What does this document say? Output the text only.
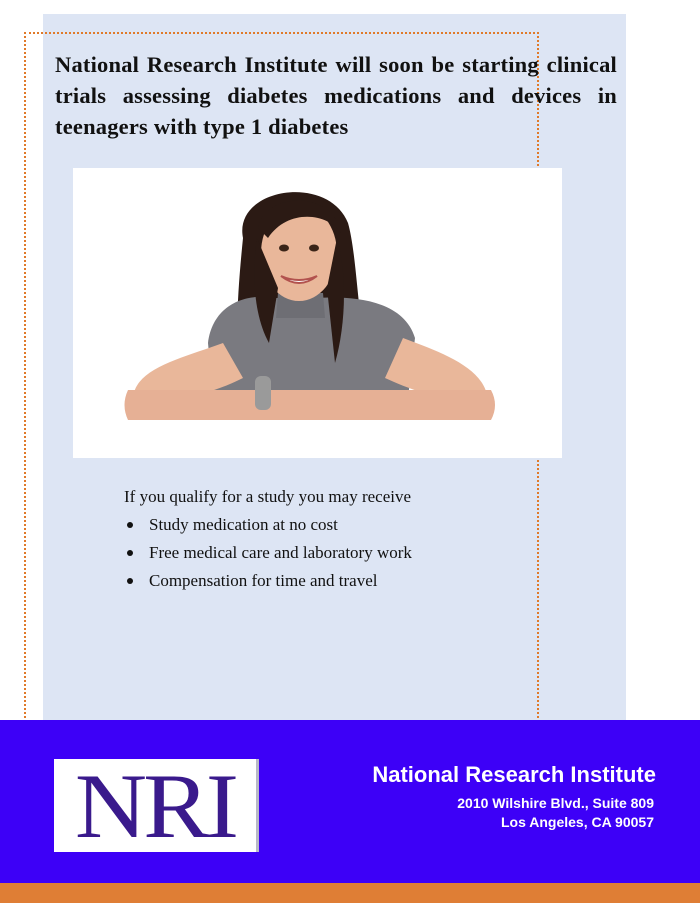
National Research Institute will soon be starting clinical trials assessing diabetes medications and devices in teenagers with type 1 diabetes

If you qualify for a study you may receive

Study medication at no cost
Free medical care and laboratory work
Compensation for time and travel
NRI	National Research Institute

2010 Wilshire Blvd., Suite 809

Los Angeles, CA 90057
